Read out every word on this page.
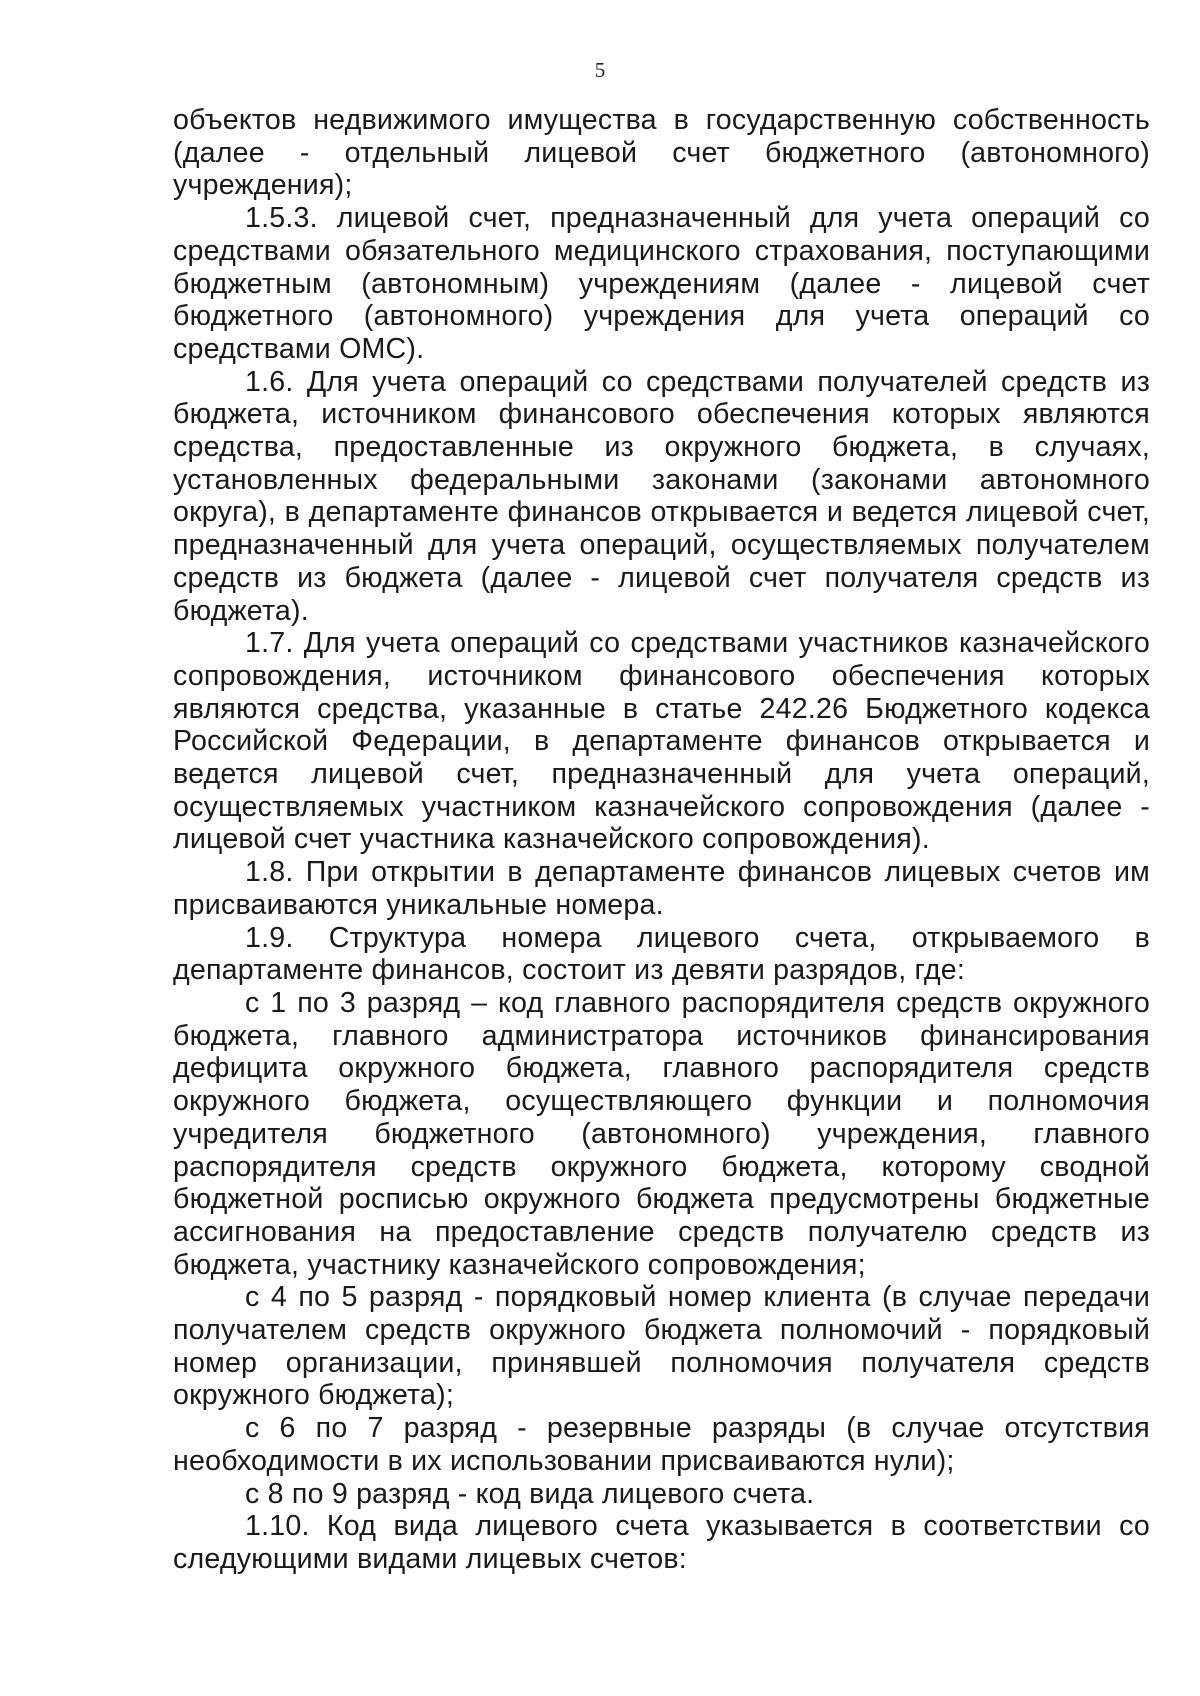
5

объектов недвижимого имущества в государственную собственность (далее - отдельный лицевой счет бюджетного (автономного) учреждения);

1.5.3. лицевой счет, предназначенный для учета операций со средствами обязательного медицинского страхования, поступающими бюджетным (автономным) учреждениям (далее - лицевой счет бюджетного (автономного) учреждения для учета операций со средствами ОМС).

1.6. Для учета операций со средствами получателей средств из бюджета, источником финансового обеспечения которых являются средства, предоставленные из окружного бюджета, в случаях, установленных федеральными законами (законами автономного округа), в департаменте финансов открывается и ведется лицевой счет, предназначенный для учета операций, осуществляемых получателем средств из бюджета (далее - лицевой счет получателя средств из бюджета).

1.7. Для учета операций со средствами участников казначейского сопровождения, источником финансового обеспечения которых являются средства, указанные в статье 242.26 Бюджетного кодекса Российской Федерации, в департаменте финансов открывается и ведется лицевой счет, предназначенный для учета операций, осуществляемых участником казначейского сопровождения (далее - лицевой счет участника казначейского сопровождения).

1.8. При открытии в департаменте финансов лицевых счетов им присваиваются уникальные номера.

1.9. Структура номера лицевого счета, открываемого в департаменте финансов, состоит из девяти разрядов, где:

с 1 по 3 разряд – код главного распорядителя средств окружного бюджета, главного администратора источников финансирования дефицита окружного бюджета, главного распорядителя средств окружного бюджета, осуществляющего функции и полномочия учредителя бюджетного (автономного) учреждения, главного распорядителя средств окружного бюджета, которому сводной бюджетной росписью окружного бюджета предусмотрены бюджетные ассигнования на предоставление средств получателю средств из бюджета, участнику казначейского сопровождения;

с 4 по 5 разряд - порядковый номер клиента (в случае передачи получателем средств окружного бюджета полномочий - порядковый номер организации, принявшей полномочия получателя средств окружного бюджета);

с 6 по 7 разряд - резервные разряды (в случае отсутствия необходимости в их использовании присваиваются нули);

с 8 по 9 разряд - код вида лицевого счета.

1.10. Код вида лицевого счета указывается в соответствии со следующими видами лицевых счетов:
